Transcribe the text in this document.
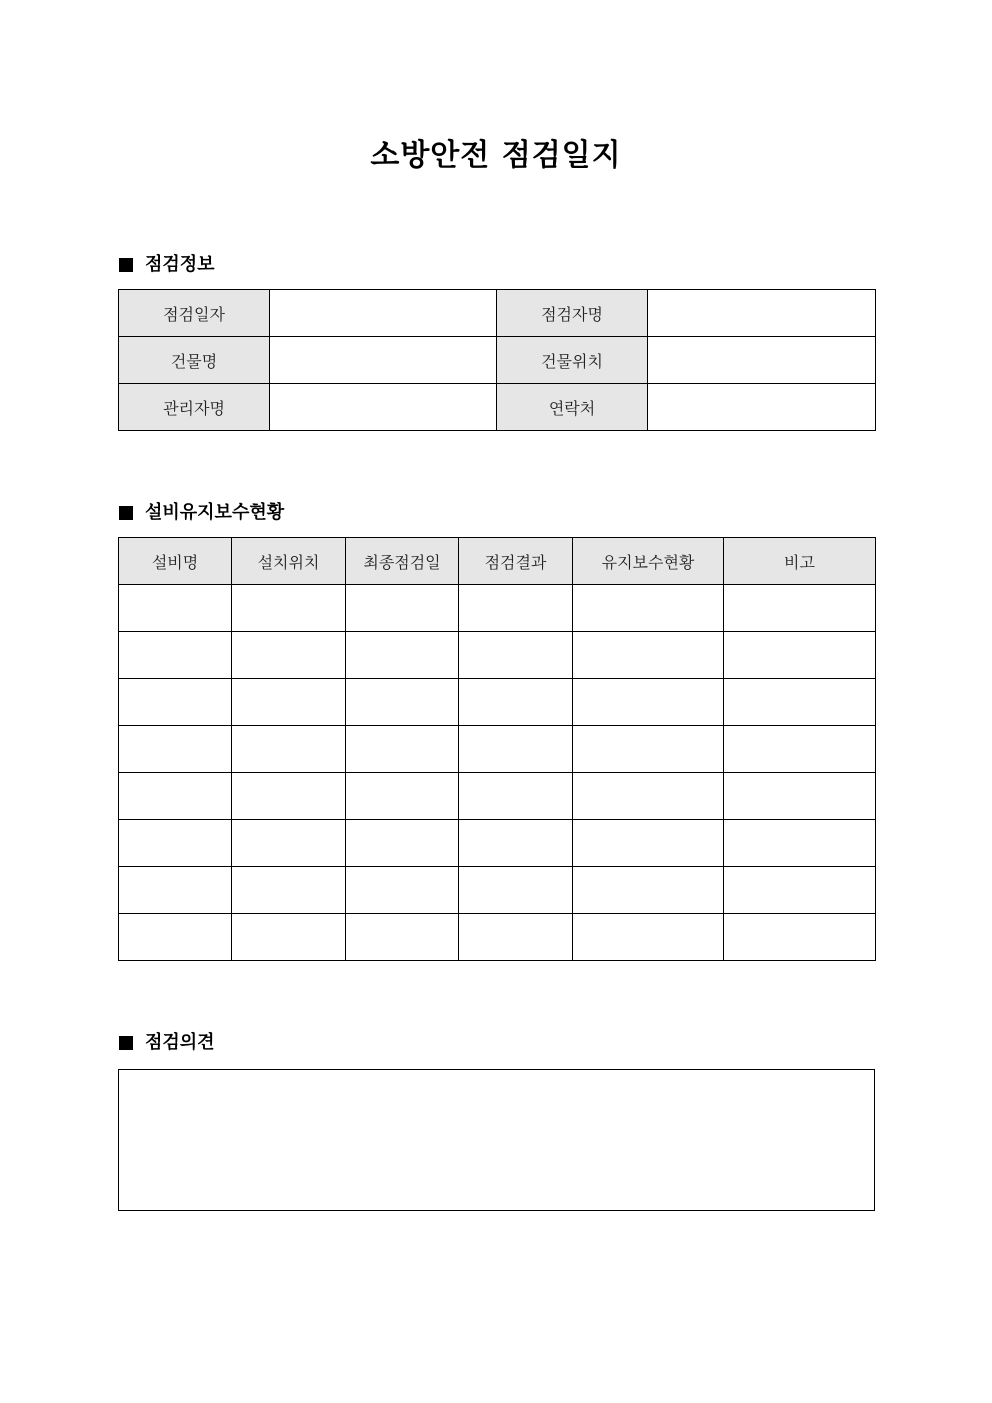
소방안전 점검일지
점검정보
점검일자		점검자명	
건물명		건물위치	
관리자명		연락처	
설비유지보수현황
설비명	설치위치	최종점검일	점검결과	유지보수현황	비고

점검의견
